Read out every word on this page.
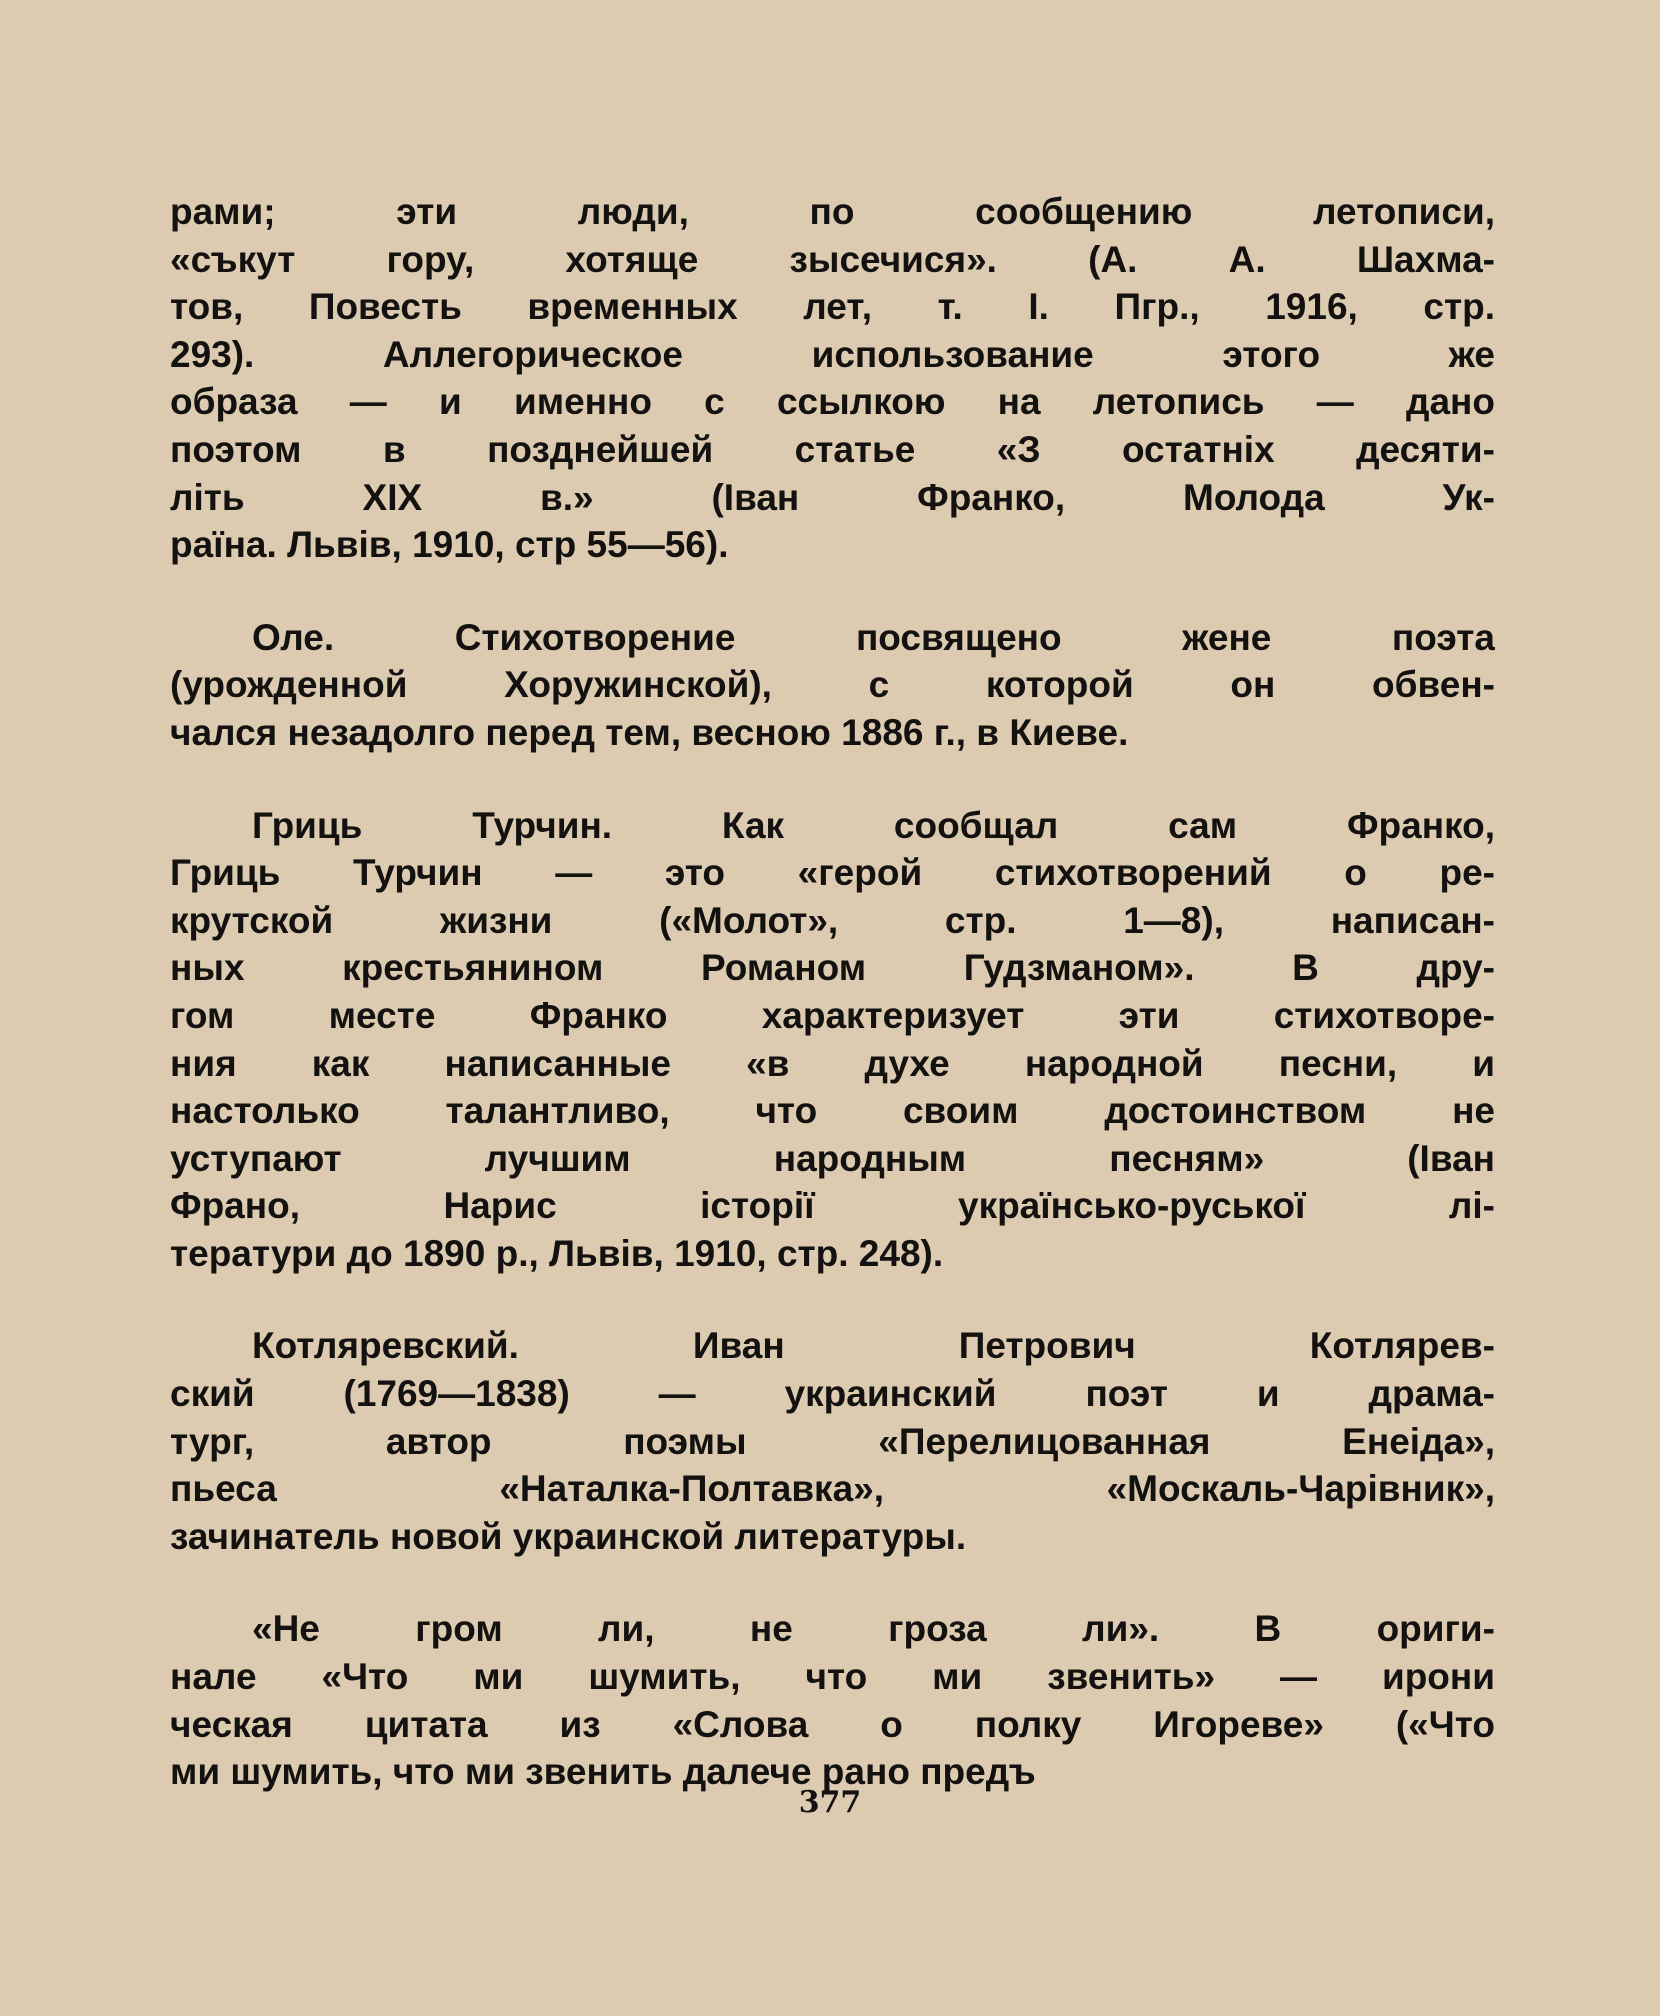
рами; эти люди, по сообщению летописи,
«съкут гору, хотяще зысечися». (А. А. Шахма-
тов, Повесть временных лет, т. I. Пгр., 1916, стр.
293). Аллегорическое использование этого же
образа — и именно с ссылкою на летопись — дано
поэтом в позднейшей статье «З остатніх десяти-
літь XIX в.» (Іван Франко, Молода Ук-
раїна. Львів, 1910, стр 55—56).
Оле. Стихотворение посвящено жене поэта
(урожденной Хоружинской), с которой он обвен-
чался незадолго перед тем, весною 1886 г., в Киеве.
Гриць Турчин. Как сообщал сам Франко,
Гриць Турчин — это «герой стихотворений о ре-
крутской жизни («Молот», стр. 1—8), написан-
ных крестьянином Романом Гудзманом». В дру-
гом месте Франко характеризует эти стихотворе-
ния как написанные «в духе народной песни, и
настолько талантливо, что своим достоинством не
уступают лучшим народным песням» (Іван
Франо, Нарис історії українсько-руської лі-
тератури до 1890 р., Львів, 1910, стр. 248).
Котляревский. Иван Петрович Котлярев-
ский (1769—1838) — украинский поэт и драма-
тург, автор поэмы «Перелицованная Енеіда»,
пьеса «Наталка-Полтавка», «Москаль-Чарівник»,
зачинатель новой украинской литературы.
«Не гром ли, не гроза ли». В ориги-
нале «Что ми шумить, что ми звенить» — ирони
ческая цитата из «Слова о полку Игореве» («Что
ми шумить, что ми звенить далече рано предъ
377
